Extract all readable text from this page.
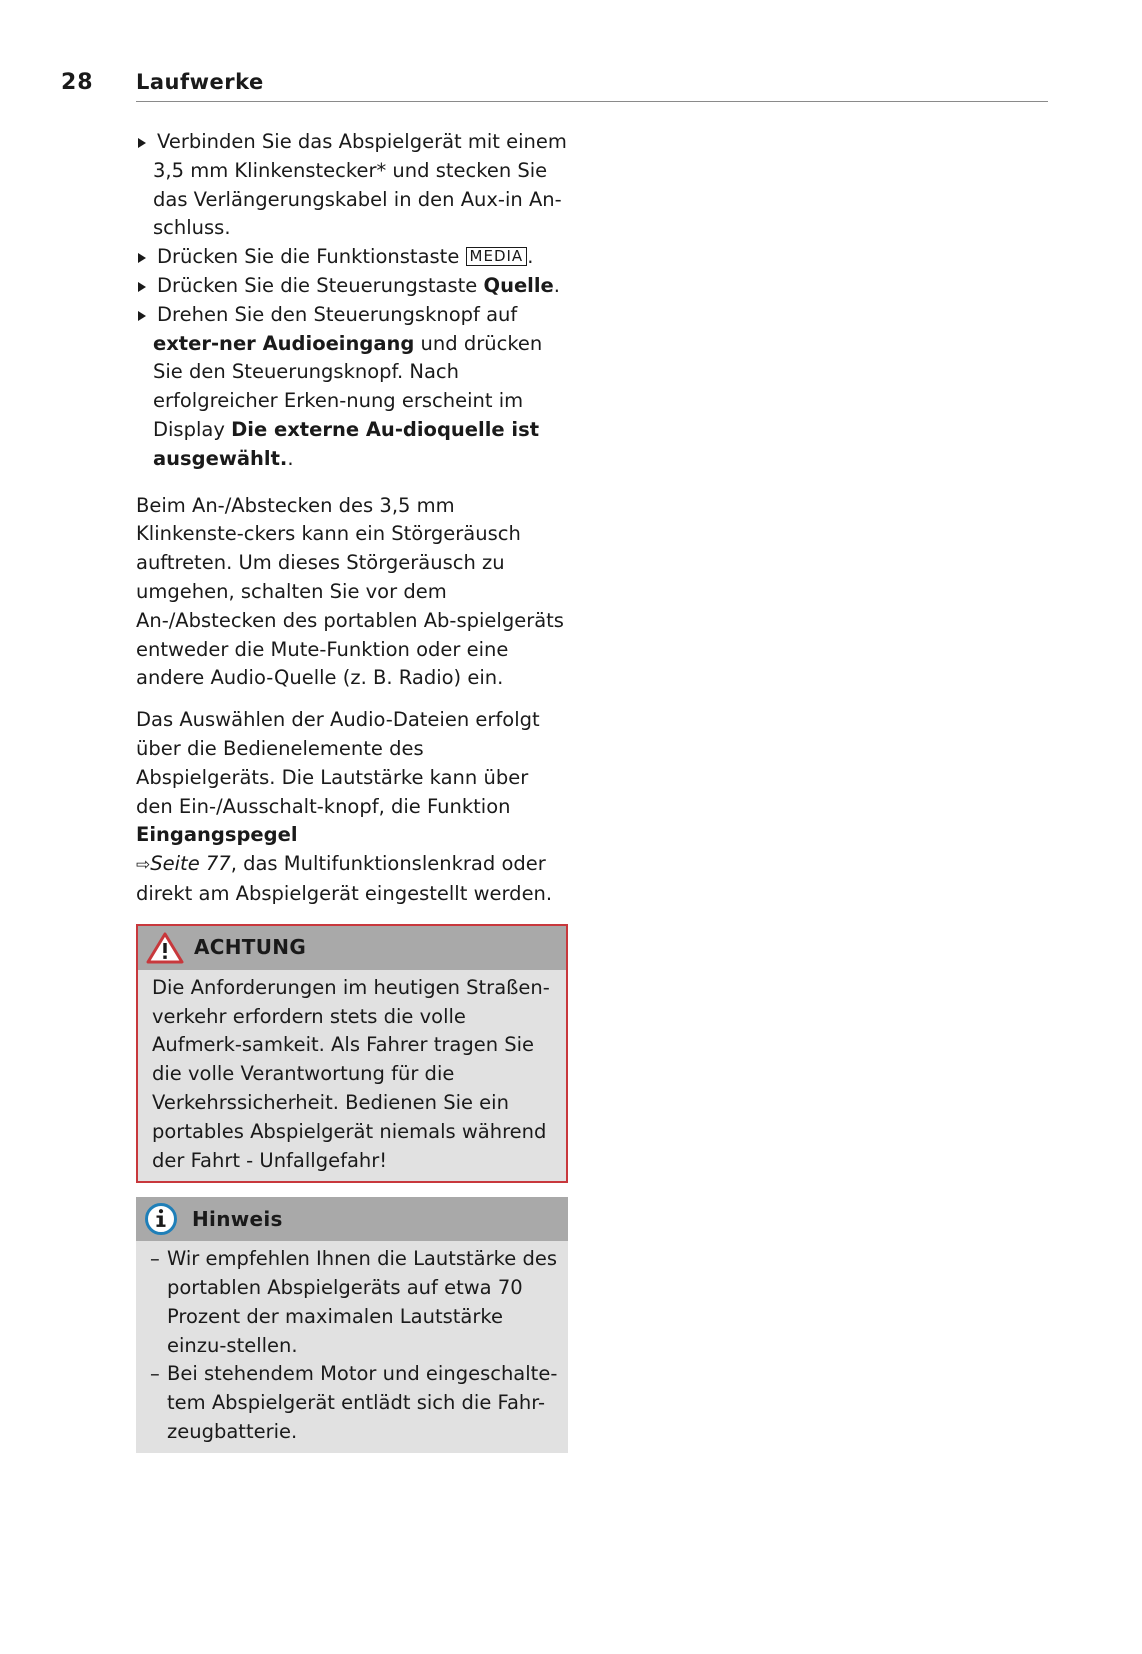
28 Laufwerke
Verbinden Sie das Abspielgerät mit einem 3,5 mm Klinkenstecker* und stecken Sie das Verlängerungskabel in den Aux-in An-schluss.
Drücken Sie die Funktionstaste MEDIA .
Drücken Sie die Steuerungstaste Quelle.
Drehen Sie den Steuerungsknopf auf exter-ner Audioeingang und drücken Sie den Steuerungsknopf. Nach erfolgreicher Erken-nung erscheint im Display Die externe Au-dioquelle ist ausgewählt..

Beim An-/Abstecken des 3,5 mm Klinkenste-ckers kann ein Störgeräusch auftreten. Um dieses Störgeräusch zu umgehen, schalten Sie vor dem An-/Abstecken des portablen Ab-spielgeräts entweder die Mute-Funktion oder eine andere Audio-Quelle (z. B. Radio) ein.

Das Auswählen der Audio-Dateien erfolgt über die Bedienelemente des Abspielgeräts. Die Lautstärke kann über den Ein-/Ausschalt-knopf, die Funktion Eingangspegel
⇨Seite 77, das Multifunktionslenkrad oder direkt am Abspielgerät eingestellt werden.

ACHTUNG
Die Anforderungen im heutigen Straßen-verkehr erfordern stets die volle Aufmerk-samkeit. Als Fahrer tragen Sie die volle Verantwortung für die Verkehrssicherheit. Bedienen Sie ein portables Abspielgerät niemals während der Fahrt - Unfallgefahr!
Hinweis
– Wir empfehlen Ihnen die Lautstärke des portablen Abspielgeräts auf etwa 70 Prozent der maximalen Lautstärke einzu-stellen.
– Bei stehendem Motor und eingeschalte-tem Abspielgerät entlädt sich die Fahr-zeugbatterie.
